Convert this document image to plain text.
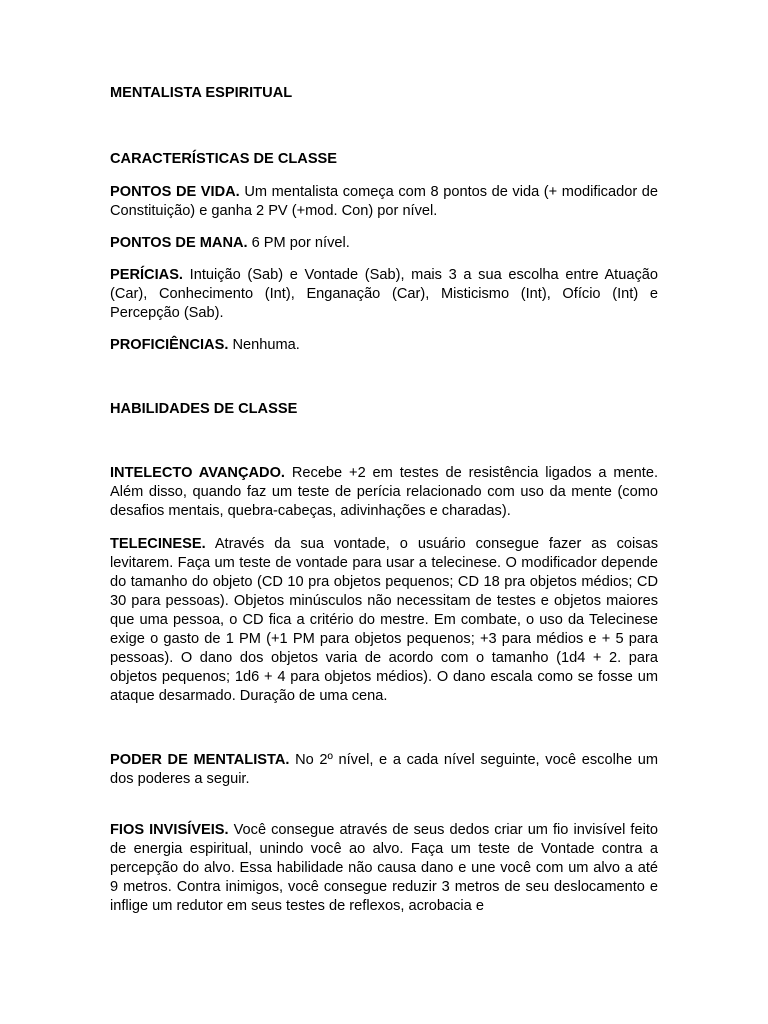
MENTALISTA ESPIRITUAL

CARACTERÍSTICAS DE CLASSE

PONTOS DE VIDA. Um mentalista começa com 8 pontos de vida (+ modificador de Constituição) e ganha 2 PV (+mod. Con) por nível.

PONTOS DE MANA. 6 PM por nível.

PERÍCIAS. Intuição (Sab) e Vontade (Sab), mais 3 a sua escolha entre Atuação (Car), Conhecimento (Int), Enganação (Car), Misticismo (Int), Ofício (Int) e Percepção (Sab).

PROFICIÊNCIAS. Nenhuma.

HABILIDADES DE CLASSE

INTELECTO AVANÇADO. Recebe +2 em testes de resistência ligados a mente. Além disso, quando faz um teste de perícia relacionado com uso da mente (como desafios mentais, quebra-cabeças, adivinhações e charadas).

TELECINESE. Através da sua vontade, o usuário consegue fazer as coisas levitarem. Faça um teste de vontade para usar a telecinese. O modificador depende do tamanho do objeto (CD 10 pra objetos pequenos; CD 18 pra objetos médios; CD 30 para pessoas). Objetos minúsculos não necessitam de testes e objetos maiores que uma pessoa, o CD fica a critério do mestre. Em combate, o uso da Telecinese exige o gasto de 1 PM (+1 PM para objetos pequenos; +3 para médios e + 5 para pessoas). O dano dos objetos varia de acordo com o tamanho (1d4 + 2. para objetos pequenos; 1d6 + 4 para objetos médios). O dano escala como se fosse um ataque desarmado. Duração de uma cena.

PODER DE MENTALISTA. No 2º nível, e a cada nível seguinte, você escolhe um dos poderes a seguir.

FIOS INVISÍVEIS. Você consegue através de seus dedos criar um fio invisível feito de energia espiritual, unindo você ao alvo. Faça um teste de Vontade contra a percepção do alvo. Essa habilidade não causa dano e une você com um alvo a até 9 metros. Contra inimigos, você consegue reduzir 3 metros de seu deslocamento e inflige um redutor em seus testes de reflexos, acrobacia e
